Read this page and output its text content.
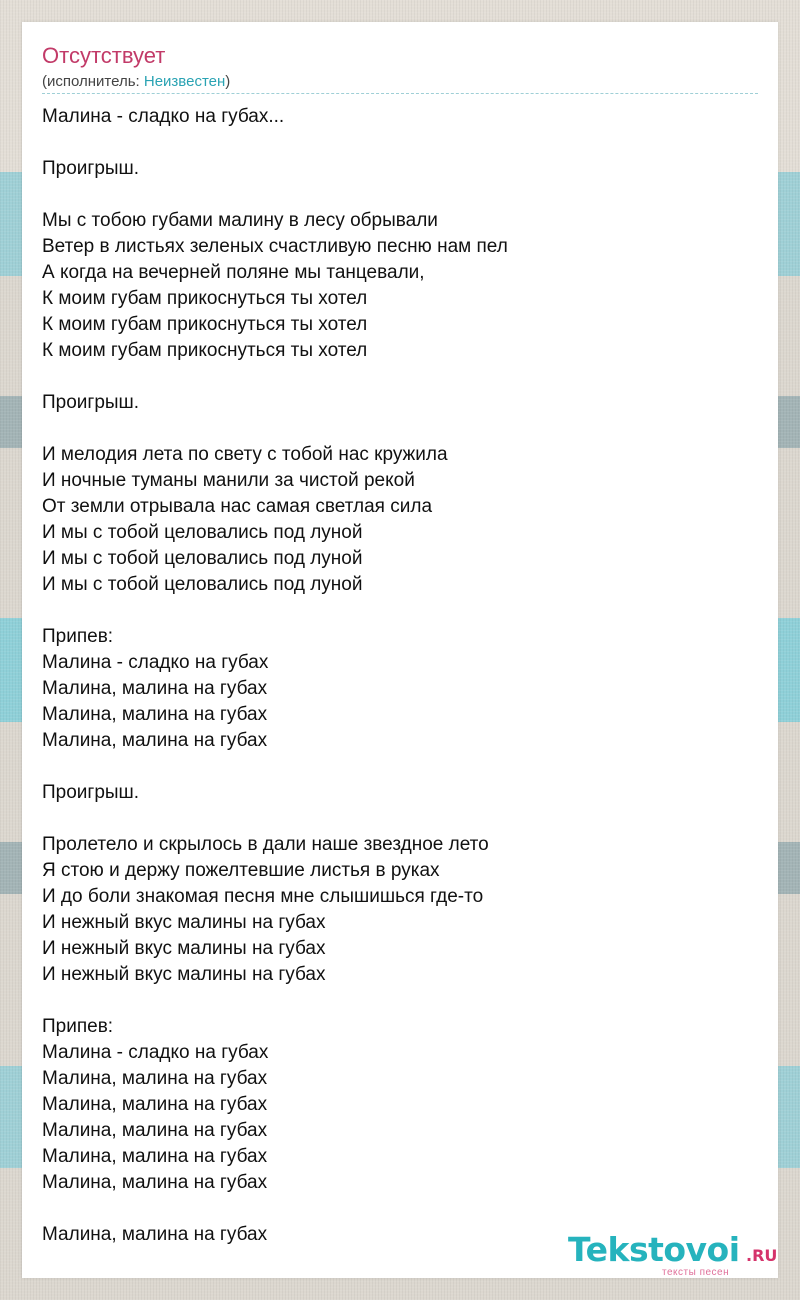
Отсутствует
(исполнитель: Неизвестен)
Малина - сладко на губах...
Проигрыш.
Мы с тобою губами малину в лесу обрывали
Ветер в листьях зеленых счастливую песню нам пел
А когда на вечерней поляне мы танцевали,
К моим губам прикоснуться ты хотел
К моим губам прикоснуться ты хотел
К моим губам прикоснуться ты хотел
Проигрыш.
И мелодия лета по свету с тобой нас кружила
И ночные туманы манили за чистой рекой
От земли отрывала нас самая светлая сила
И мы с тобой целовались под луной
И мы с тобой целовались под луной
И мы с тобой целовались под луной
Припев:
Малина - сладко на губах
Малина, малина на губах
Малина, малина на губах
Малина, малина на губах
Проигрыш.
Пролетело и скрылось в дали наше звездное лето
Я стою и держу пожелтевшие листья в руках
И до боли знакомая песня мне слышишься где-то
И нежный вкус малины на губах
И нежный вкус малины на губах
И нежный вкус малины на губах
Припев:
Малина - сладко на губах
Малина, малина на губах
Малина, малина на губах
Малина, малина на губах
Малина, малина на губах
Малина, малина на губах
Малина, малина на губах	Tekstovoi .RU
тексты песен
